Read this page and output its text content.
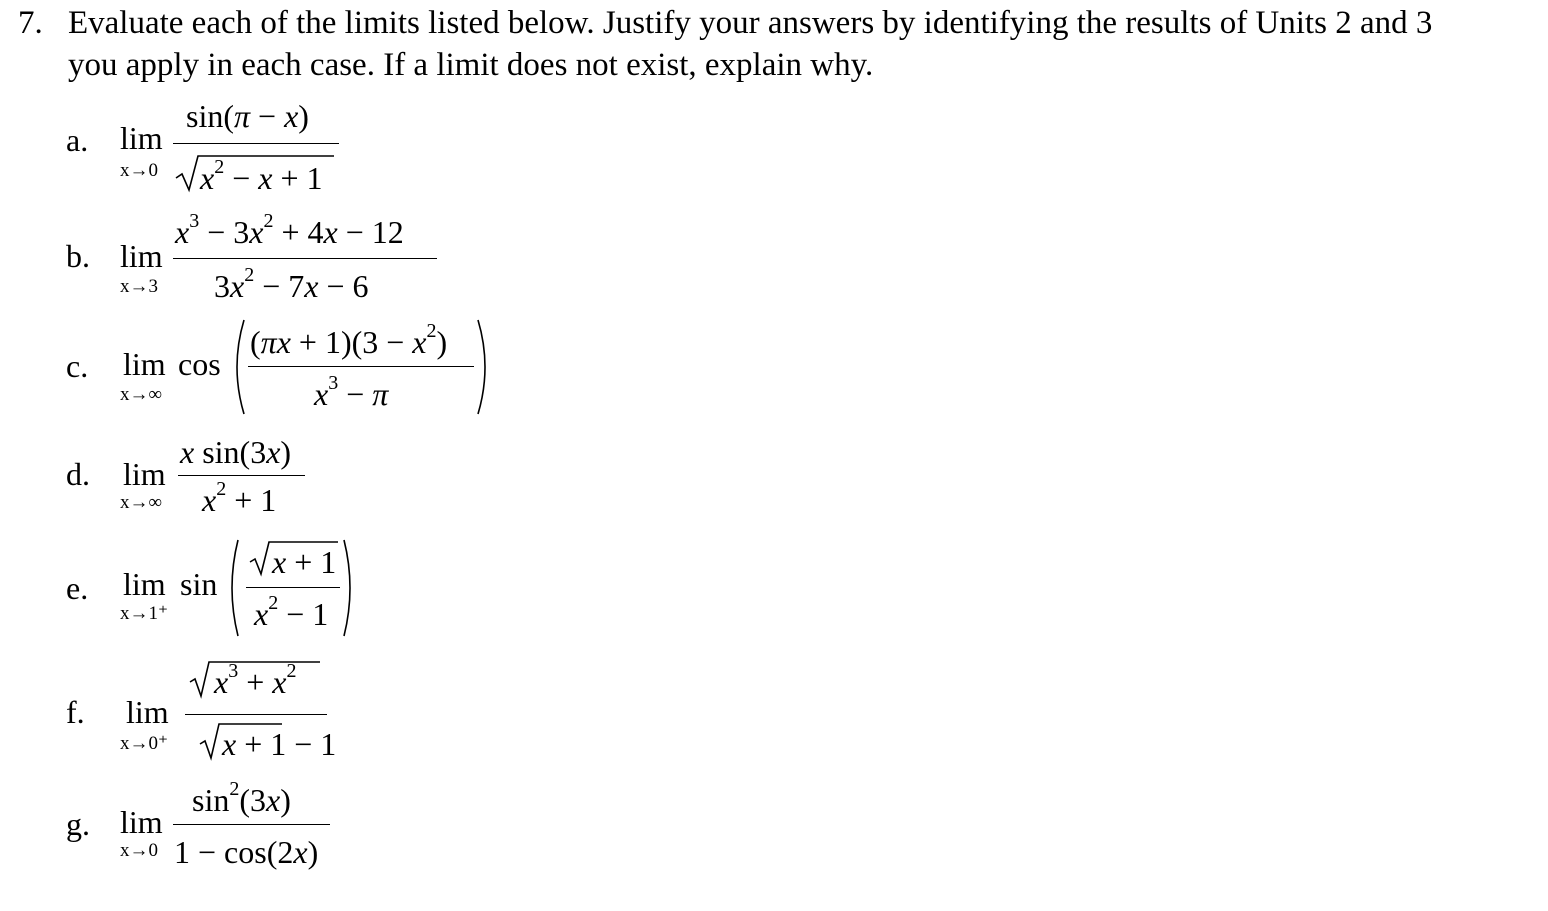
7. Evaluate each of the limits listed below. Justify your answers by identifying the results of Units 2 and 3
you apply in each case. If a limit does not exist, explain why.
a. lim
x→0
sin(π − x)
$x^2 - x + 1$
b. lim
x→3
$x^3 - 3x^2 + 4x - 12$
$3x^2 - 7x - 6$
c. lim cos
x→∞
$(\pi x + 1)(3 - x^2)$
$x^3 - \pi$
d. lim
x→∞
x sin(3x)
$x^2 + 1$
e. lim sin
x→1⁺
x + 1
$x^2 - 1$
f. lim
x→0⁺
$x^3 + x^2$
x + 1 − 1
g. lim
x→0
$\sin^2(3x)$
1 − cos(2x)
